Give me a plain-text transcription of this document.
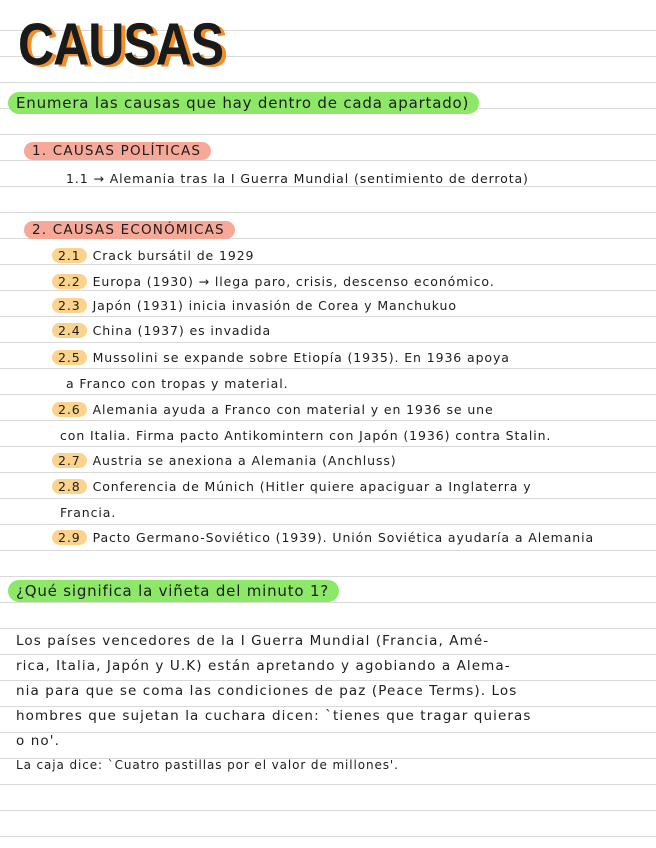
CAUSAS
Enumera las causas que hay dentro de cada apartado)
1. CAUSAS POLÍTICAS
1.1 → Alemania tras la I Guerra Mundial (sentimiento de derrota)
2. CAUSAS ECONÓMICAS
2.1 Crack bursátil de 1929
2.2 Europa (1930) → llega paro, crisis, descenso económico.
2.3 Japón (1931) inicia invasión de Corea y Manchukuo
2.4 China (1937) es invadida
2.5 Mussolini se expande sobre Etiopía (1935). En 1936 apoya
a Franco con tropas y material.
2.6 Alemania ayuda a Franco con material y en 1936 se une
con Italia. Firma pacto Antikomintern con Japón (1936) contra Stalin.
2.7 Austria se anexiona a Alemania (Anchluss)
2.8 Conferencia de Múnich (Hitler quiere apaciguar a Inglaterra y
Francia.
2.9 Pacto Germano-Soviético (1939). Unión Soviética ayudaría a Alemania
¿Qué significa la viñeta del minuto 1?
Los países vencedores de la I Guerra Mundial (Francia, Amé-
rica, Italia, Japón y U.K) están apretando y agobiando a Alema-
nia para que se coma las condiciones de paz (Peace Terms). Los
hombres que sujetan la cuchara dicen: `tienes que tragar quieras
o no'.
La caja dice: `Cuatro pastillas por el valor de millones'.
